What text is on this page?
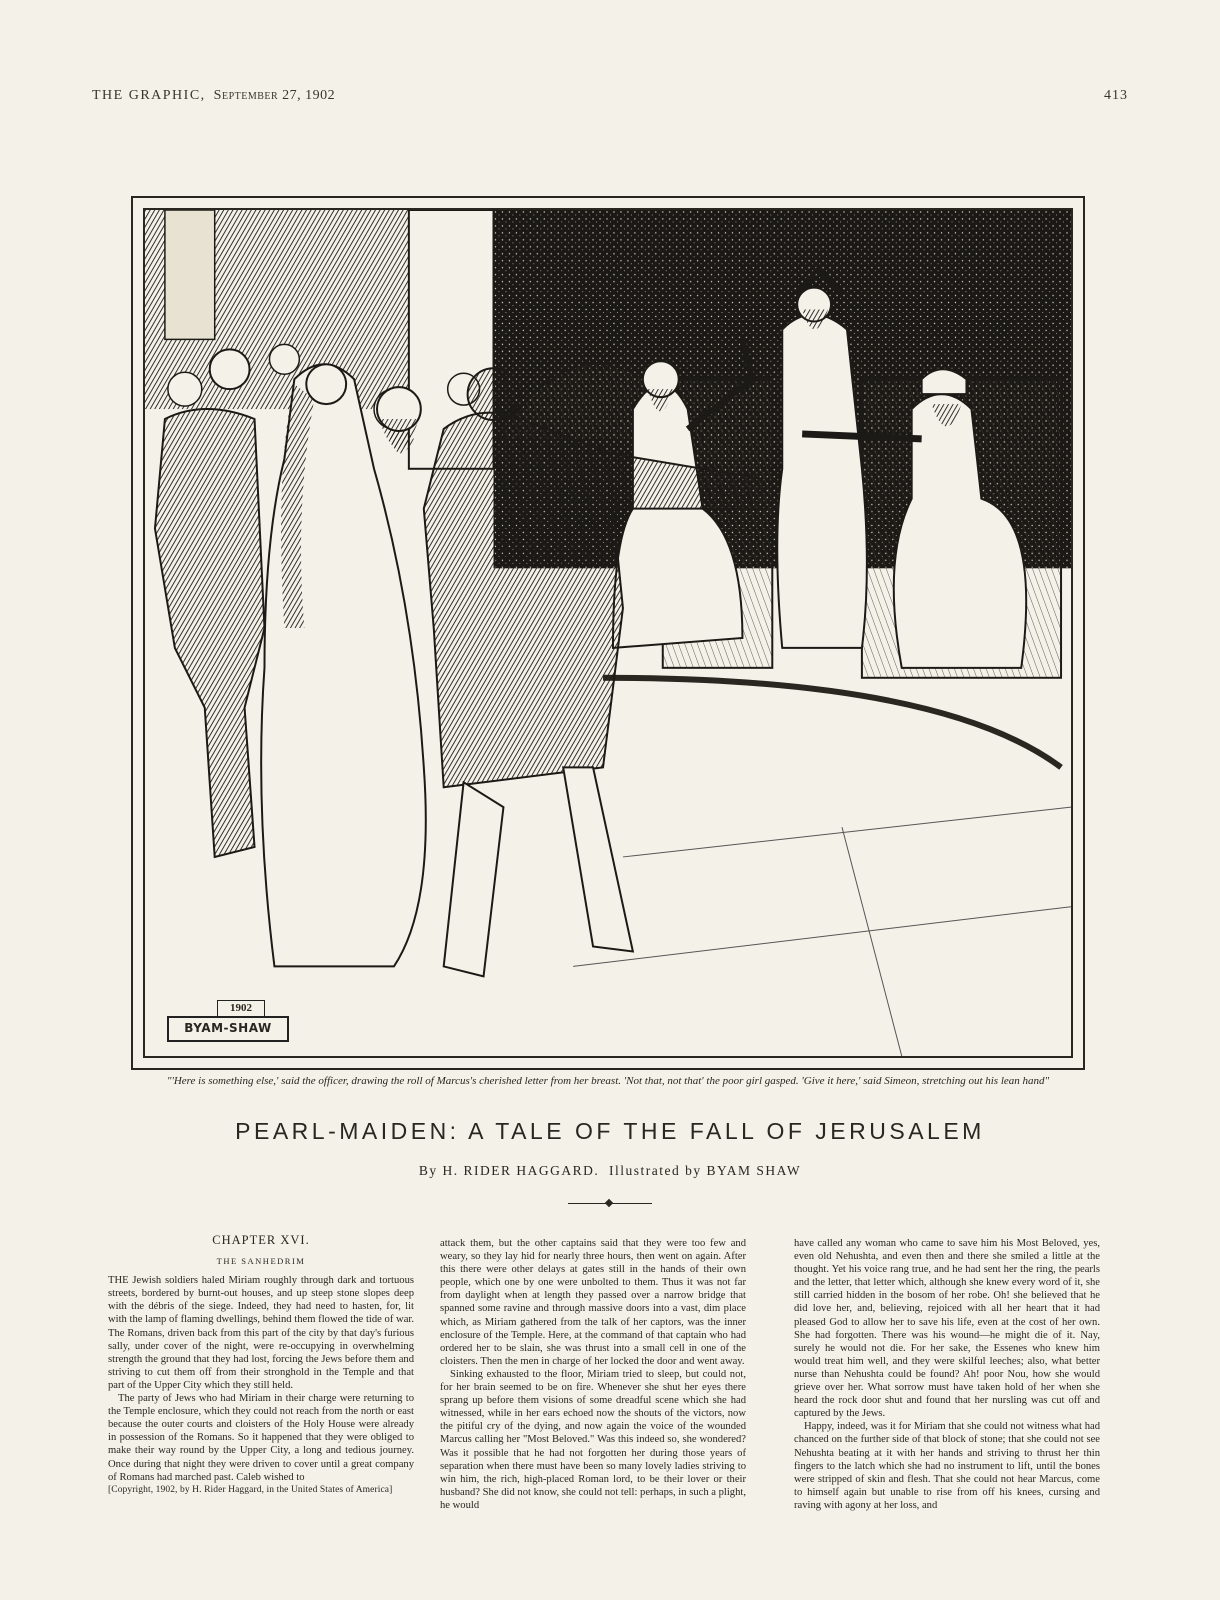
THE GRAPHIC, September 27, 1902	413
1902
BYAM-SHAW
"'Here is something else,' said the officer, drawing the roll of Marcus's cherished letter from her breast. 'Not that, not that' the poor girl gasped. 'Give it here,' said Simeon, stretching out his lean hand"
PEARL-MAIDEN: A TALE OF THE FALL OF JERUSALEM
By H. RIDER HAGGARD. Illustrated by BYAM SHAW
CHAPTER XVI.
THE SANHEDRIM

THE Jewish soldiers haled Miriam roughly through dark and tortuous streets, bordered by burnt-out houses, and up steep stone slopes deep with the débris of the siege. Indeed, they had need to hasten, for, lit with the lamp of flaming dwellings, behind them flowed the tide of war. The Romans, driven back from this part of the city by that day's furious sally, under cover of the night, were re-occupying in overwhelming strength the ground that they had lost, forcing the Jews before them and striving to cut them off from their stronghold in the Temple and that part of the Upper City which they still held.

The party of Jews who had Miriam in their charge were returning to the Temple enclosure, which they could not reach from the north or east because the outer courts and cloisters of the Holy House were already in possession of the Romans. So it happened that they were obliged to make their way round by the Upper City, a long and tedious journey. Once during that night they were driven to cover until a great company of Romans had marched past. Caleb wished to

[Copyright, 1902, by H. Rider Haggard, in the United States of America]

attack them, but the other captains said that they were too few and weary, so they lay hid for nearly three hours, then went on again. After this there were other delays at gates still in the hands of their own people, which one by one were unbolted to them. Thus it was not far from daylight when at length they passed over a narrow bridge that spanned some ravine and through massive doors into a vast, dim place which, as Miriam gathered from the talk of her captors, was the inner enclosure of the Temple. Here, at the command of that captain who had ordered her to be slain, she was thrust into a small cell in one of the cloisters. Then the men in charge of her locked the door and went away.

Sinking exhausted to the floor, Miriam tried to sleep, but could not, for her brain seemed to be on fire. Whenever she shut her eyes there sprang up before them visions of some dreadful scene which she had witnessed, while in her ears echoed now the shouts of the victors, now the pitiful cry of the dying, and now again the voice of the wounded Marcus calling her "Most Beloved." Was this indeed so, she wondered? Was it possible that he had not forgotten her during those years of separation when there must have been so many lovely ladies striving to win him, the rich, high-placed Roman lord, to be their lover or their husband? She did not know, she could not tell: perhaps, in such a plight, he would

have called any woman who came to save him his Most Beloved, yes, even old Nehushta, and even then and there she smiled a little at the thought. Yet his voice rang true, and he had sent her the ring, the pearls and the letter, that letter which, although she knew every word of it, she still carried hidden in the bosom of her robe. Oh! she believed that he did love her, and, believing, rejoiced with all her heart that it had pleased God to allow her to save his life, even at the cost of her own. She had forgotten. There was his wound—he might die of it. Nay, surely he would not die. For her sake, the Essenes who knew him would treat him well, and they were skilful leeches; also, what better nurse than Nehushta could be found? Ah! poor Nou, how she would grieve over her. What sorrow must have taken hold of her when she heard the rock door shut and found that her nursling was cut off and captured by the Jews.

Happy, indeed, was it for Miriam that she could not witness what had chanced on the further side of that block of stone; that she could not see Nehushta beating at it with her hands and striving to thrust her thin fingers to the latch which she had no instrument to lift, until the bones were stripped of skin and flesh. That she could not hear Marcus, come to himself again but unable to rise from off his knees, cursing and raving with agony at her loss, and
